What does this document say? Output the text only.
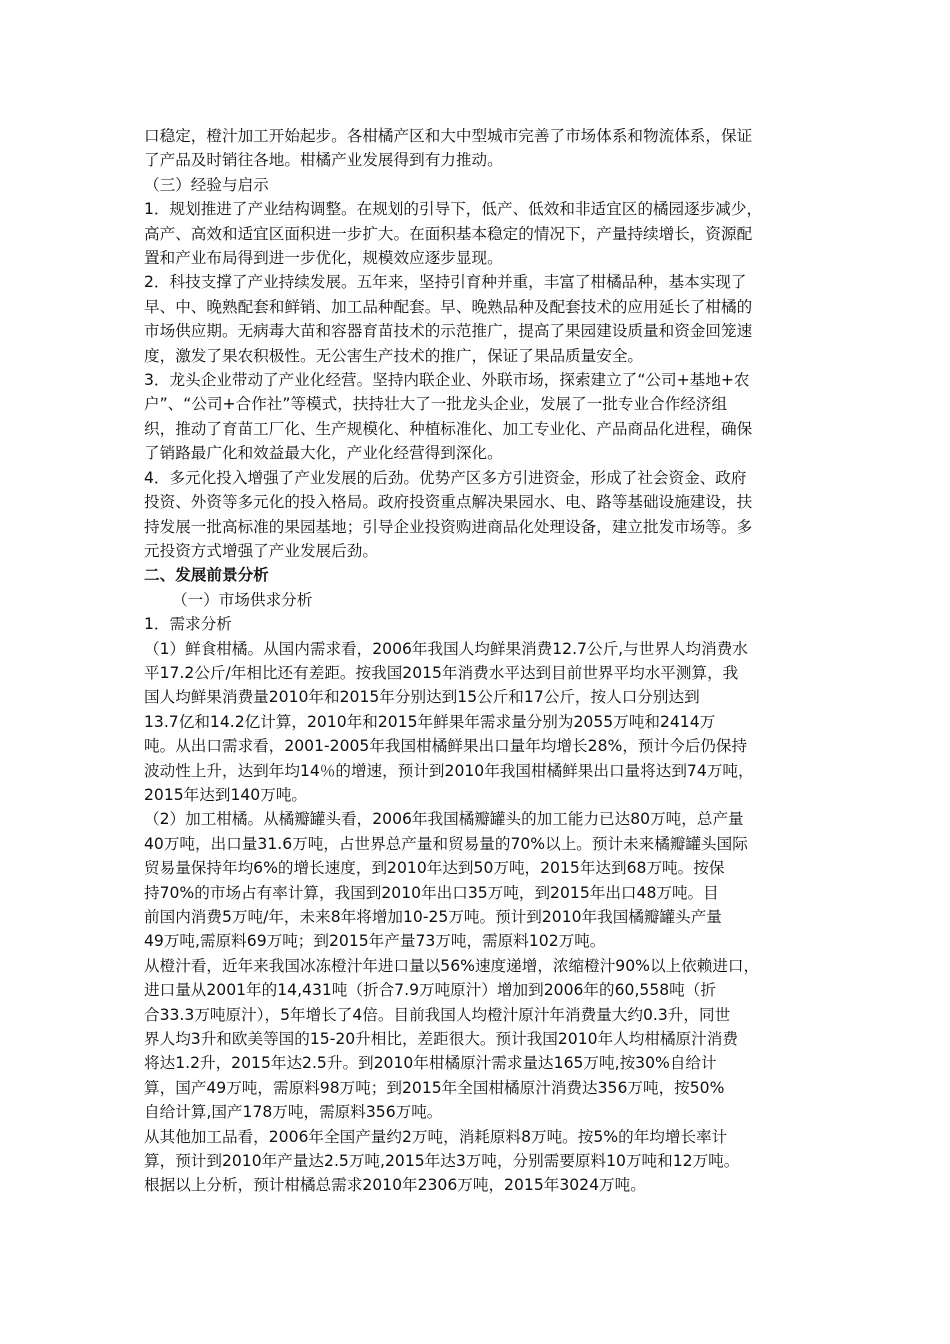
口稳定，橙汁加工开始起步。各柑橘产区和大中型城市完善了市场体系和物流体系，保证

了产品及时销往各地。柑橘产业发展得到有力推动。

（三）经验与启示

1．规划推进了产业结构调整。在规划的引导下，低产、低效和非适宜区的橘园逐步减少，

高产、高效和适宜区面积进一步扩大。在面积基本稳定的情况下，产量持续增长，资源配

置和产业布局得到进一步优化，规模效应逐步显现。

2．科技支撑了产业持续发展。五年来，坚持引育种并重，丰富了柑橘品种，基本实现了

早、中、晚熟配套和鲜销、加工品种配套。早、晚熟品种及配套技术的应用延长了柑橘的

市场供应期。无病毒大苗和容器育苗技术的示范推广，提高了果园建设质量和资金回笼速

度，激发了果农积极性。无公害生产技术的推广，保证了果品质量安全。

3．龙头企业带动了产业化经营。坚持内联企业、外联市场，探索建立了“公司+基地+农

户”、“公司+合作社”等模式，扶持壮大了一批龙头企业，发展了一批专业合作经济组

织，推动了育苗工厂化、生产规模化、种植标准化、加工专业化、产品商品化进程，确保

了销路最广化和效益最大化，产业化经营得到深化。

4．多元化投入增强了产业发展的后劲。优势产区多方引进资金，形成了社会资金、政府

投资、外资等多元化的投入格局。政府投资重点解决果园水、电、路等基础设施建设，扶

持发展一批高标准的果园基地；引导企业投资购进商品化处理设备，建立批发市场等。多

元投资方式增强了产业发展后劲。

二、发展前景分析

（一）市场供求分析

1．需求分析

（1）鲜食柑橘。从国内需求看，2006年我国人均鲜果消费12.7公斤,与世界人均消费水

平17.2公斤/年相比还有差距。按我国2015年消费水平达到目前世界平均水平测算，我

国人均鲜果消费量2010年和2015年分别达到15公斤和17公斤，按人口分别达到

13.7亿和14.2亿计算，2010年和2015年鲜果年需求量分别为2055万吨和2414万

吨。从出口需求看，2001-2005年我国柑橘鲜果出口量年均增长28%，预计今后仍保持

波动性上升，达到年均14％的增速，预计到2010年我国柑橘鲜果出口量将达到74万吨，

2015年达到140万吨。

（2）加工柑橘。从橘瓣罐头看，2006年我国橘瓣罐头的加工能力已达80万吨，总产量

40万吨，出口量31.6万吨，占世界总产量和贸易量的70%以上。预计未来橘瓣罐头国际

贸易量保持年均6%的增长速度，到2010年达到50万吨，2015年达到68万吨。按保

持70%的市场占有率计算，我国到2010年出口35万吨，到2015年出口48万吨。目

前国内消费5万吨/年，未来8年将增加10-25万吨。预计到2010年我国橘瓣罐头产量

49万吨,需原料69万吨；到2015年产量73万吨，需原料102万吨。

从橙汁看，近年来我国冰冻橙汁年进口量以56%速度递增，浓缩橙汁90%以上依赖进口，

进口量从2001年的14,431吨（折合7.9万吨原汁）增加到2006年的60,558吨（折

合33.3万吨原汁），5年增长了4倍。目前我国人均橙汁原汁年消费量大约0.3升，同世

界人均3升和欧美等国的15-20升相比，差距很大。预计我国2010年人均柑橘原汁消费

将达1.2升，2015年达2.5升。到2010年柑橘原汁需求量达165万吨,按30%自给计

算，国产49万吨，需原料98万吨；到2015年全国柑橘原汁消费达356万吨，按50%

自给计算,国产178万吨，需原料356万吨。

从其他加工品看，2006年全国产量约2万吨，消耗原料8万吨。按5%的年均增长率计

算，预计到2010年产量达2.5万吨,2015年达3万吨，分别需要原料10万吨和12万吨。

根据以上分析，预计柑橘总需求2010年2306万吨，2015年3024万吨。
